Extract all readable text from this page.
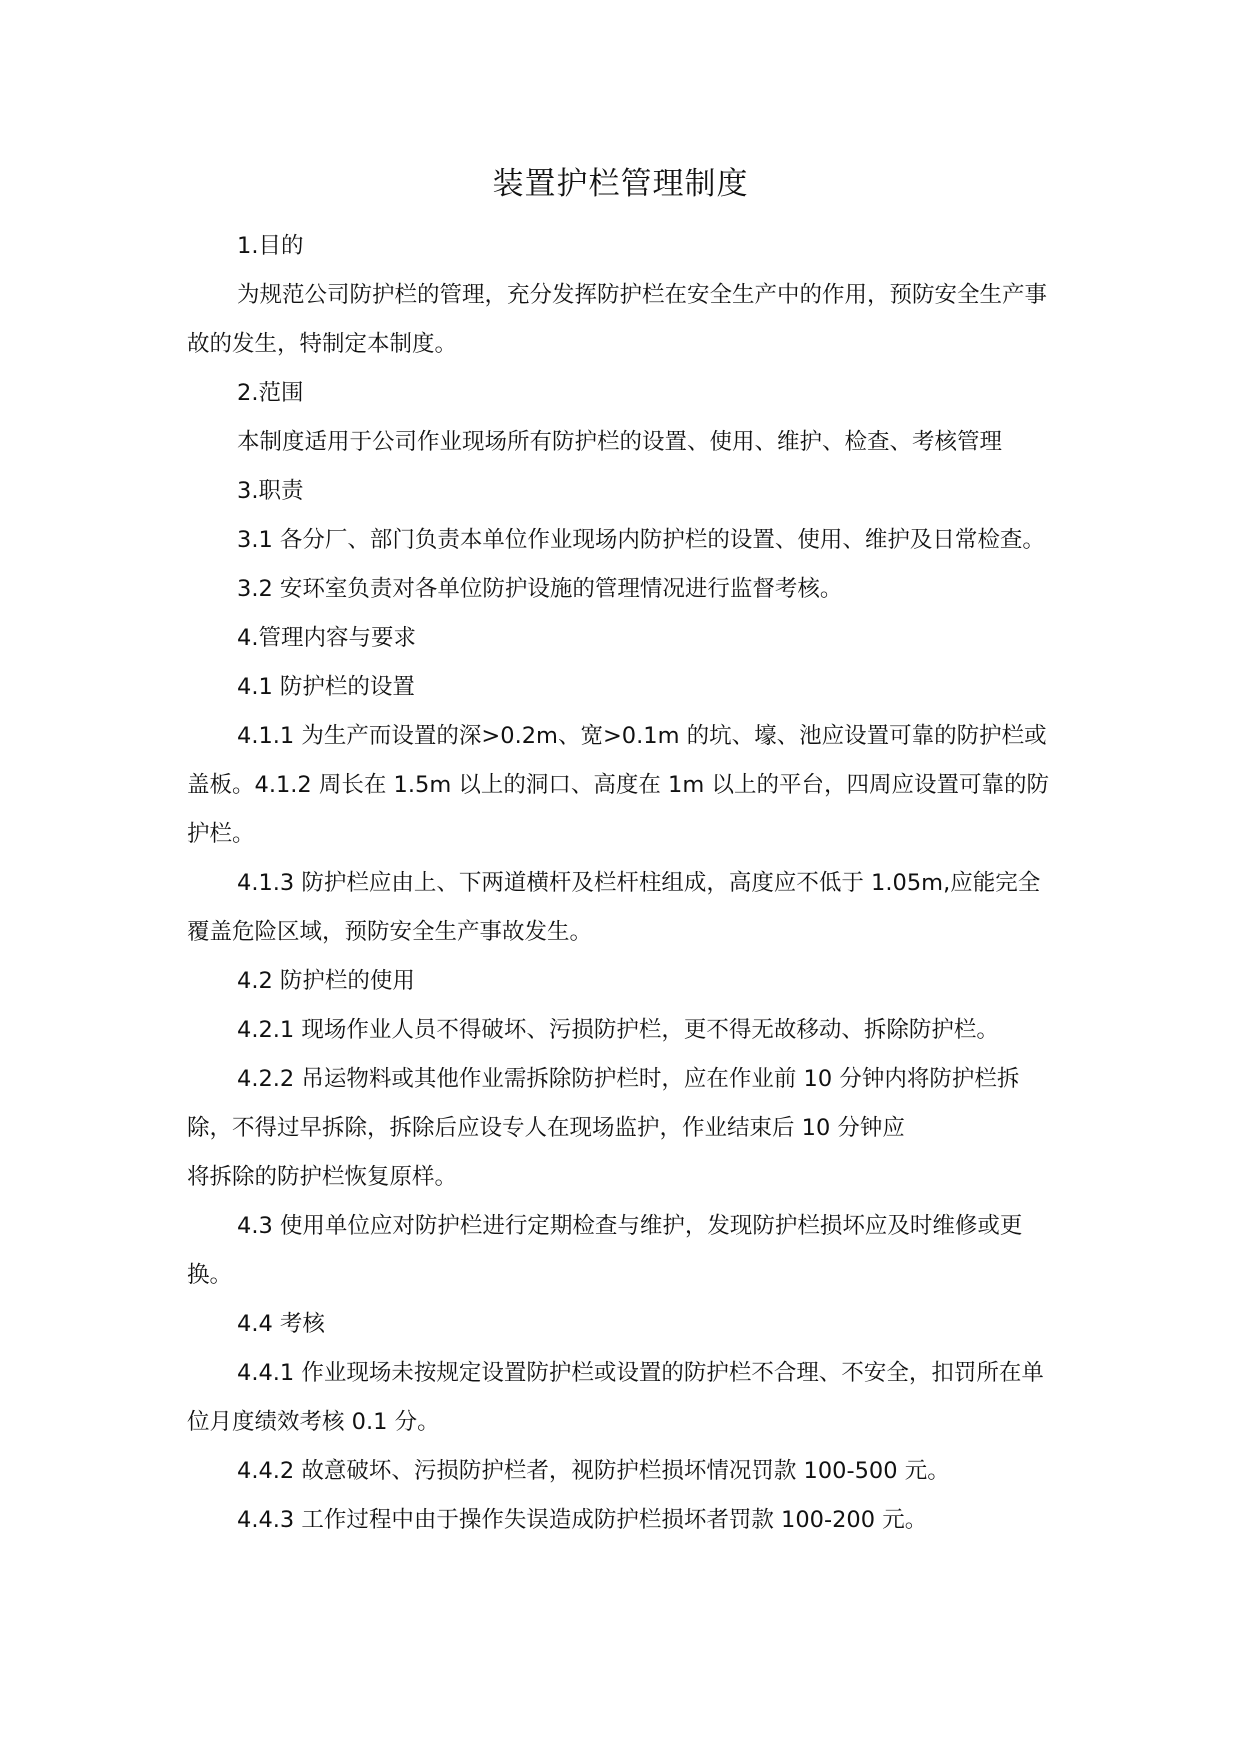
装置护栏管理制度

1.目的

为规范公司防护栏的管理，充分发挥防护栏在安全生产中的作用，预防安全生产事故的发生，特制定本制度。

2.范围

本制度适用于公司作业现场所有防护栏的设置、使用、维护、检查、考核管理

3.职责

3.1 各分厂、部门负责本单位作业现场内防护栏的设置、使用、维护及日常检查。

3.2 安环室负责对各单位防护设施的管理情况进行监督考核。

4.管理内容与要求

4.1 防护栏的设置

4.1.1 为生产而设置的深>0.2m、宽>0.1m 的坑、壕、池应设置可靠的防护栏或盖板。4.1.2 周长在 1.5m 以上的洞口、高度在 1m 以上的平台，四周应设置可靠的防护栏。

4.1.3 防护栏应由上、下两道横杆及栏杆柱组成，高度应不低于 1.05m,应能完全覆盖危险区域，预防安全生产事故发生。

4.2 防护栏的使用

4.2.1 现场作业人员不得破坏、污损防护栏，更不得无故移动、拆除防护栏。

4.2.2 吊运物料或其他作业需拆除防护栏时，应在作业前 10 分钟内将防护栏拆除，不得过早拆除，拆除后应设专人在现场监护，作业结束后 10 分钟应

将拆除的防护栏恢复原样。

4.3 使用单位应对防护栏进行定期检查与维护，发现防护栏损坏应及时维修或更换。

4.4 考核

4.4.1 作业现场未按规定设置防护栏或设置的防护栏不合理、不安全，扣罚所在单位月度绩效考核 0.1 分。

4.4.2 故意破坏、污损防护栏者，视防护栏损坏情况罚款 100-500 元。

4.4.3 工作过程中由于操作失误造成防护栏损坏者罚款 100-200 元。
